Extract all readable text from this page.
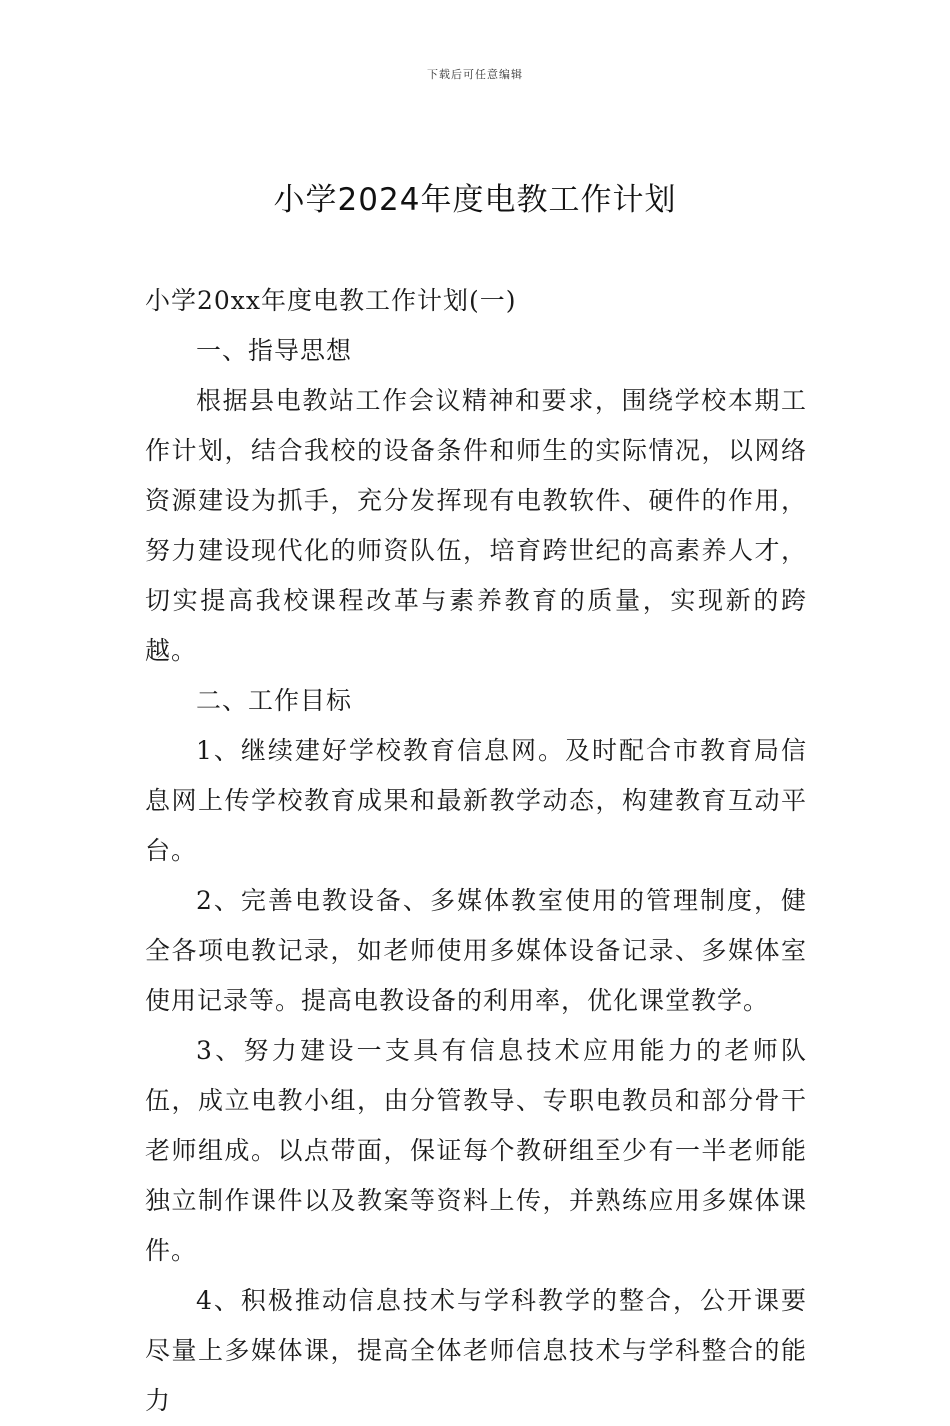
下载后可任意编辑
小学2024年度电教工作计划

小学20xx年度电教工作计划(一)

一、指导思想

根据县电教站工作会议精神和要求，围绕学校本期工作计划，结合我校的设备条件和师生的实际情况，以网络资源建设为抓手，充分发挥现有电教软件、硬件的作用，努力建设现代化的师资队伍，培育跨世纪的高素养人才，切实提高我校课程改革与素养教育的质量，实现新的跨越。

二、工作目标

1、继续建好学校教育信息网。及时配合市教育局信息网上传学校教育成果和最新教学动态，构建教育互动平台。

2、完善电教设备、多媒体教室使用的管理制度，健全各项电教记录，如老师使用多媒体设备记录、多媒体室使用记录等。提高电教设备的利用率，优化课堂教学。

3、努力建设一支具有信息技术应用能力的老师队伍，成立电教小组，由分管教导、专职电教员和部分骨干老师组成。以点带面，保证每个教研组至少有一半老师能独立制作课件以及教案等资料上传，并熟练应用多媒体课件。

4、积极推动信息技术与学科教学的整合，公开课要尽量上多媒体课，提高全体老师信息技术与学科整合的能力
